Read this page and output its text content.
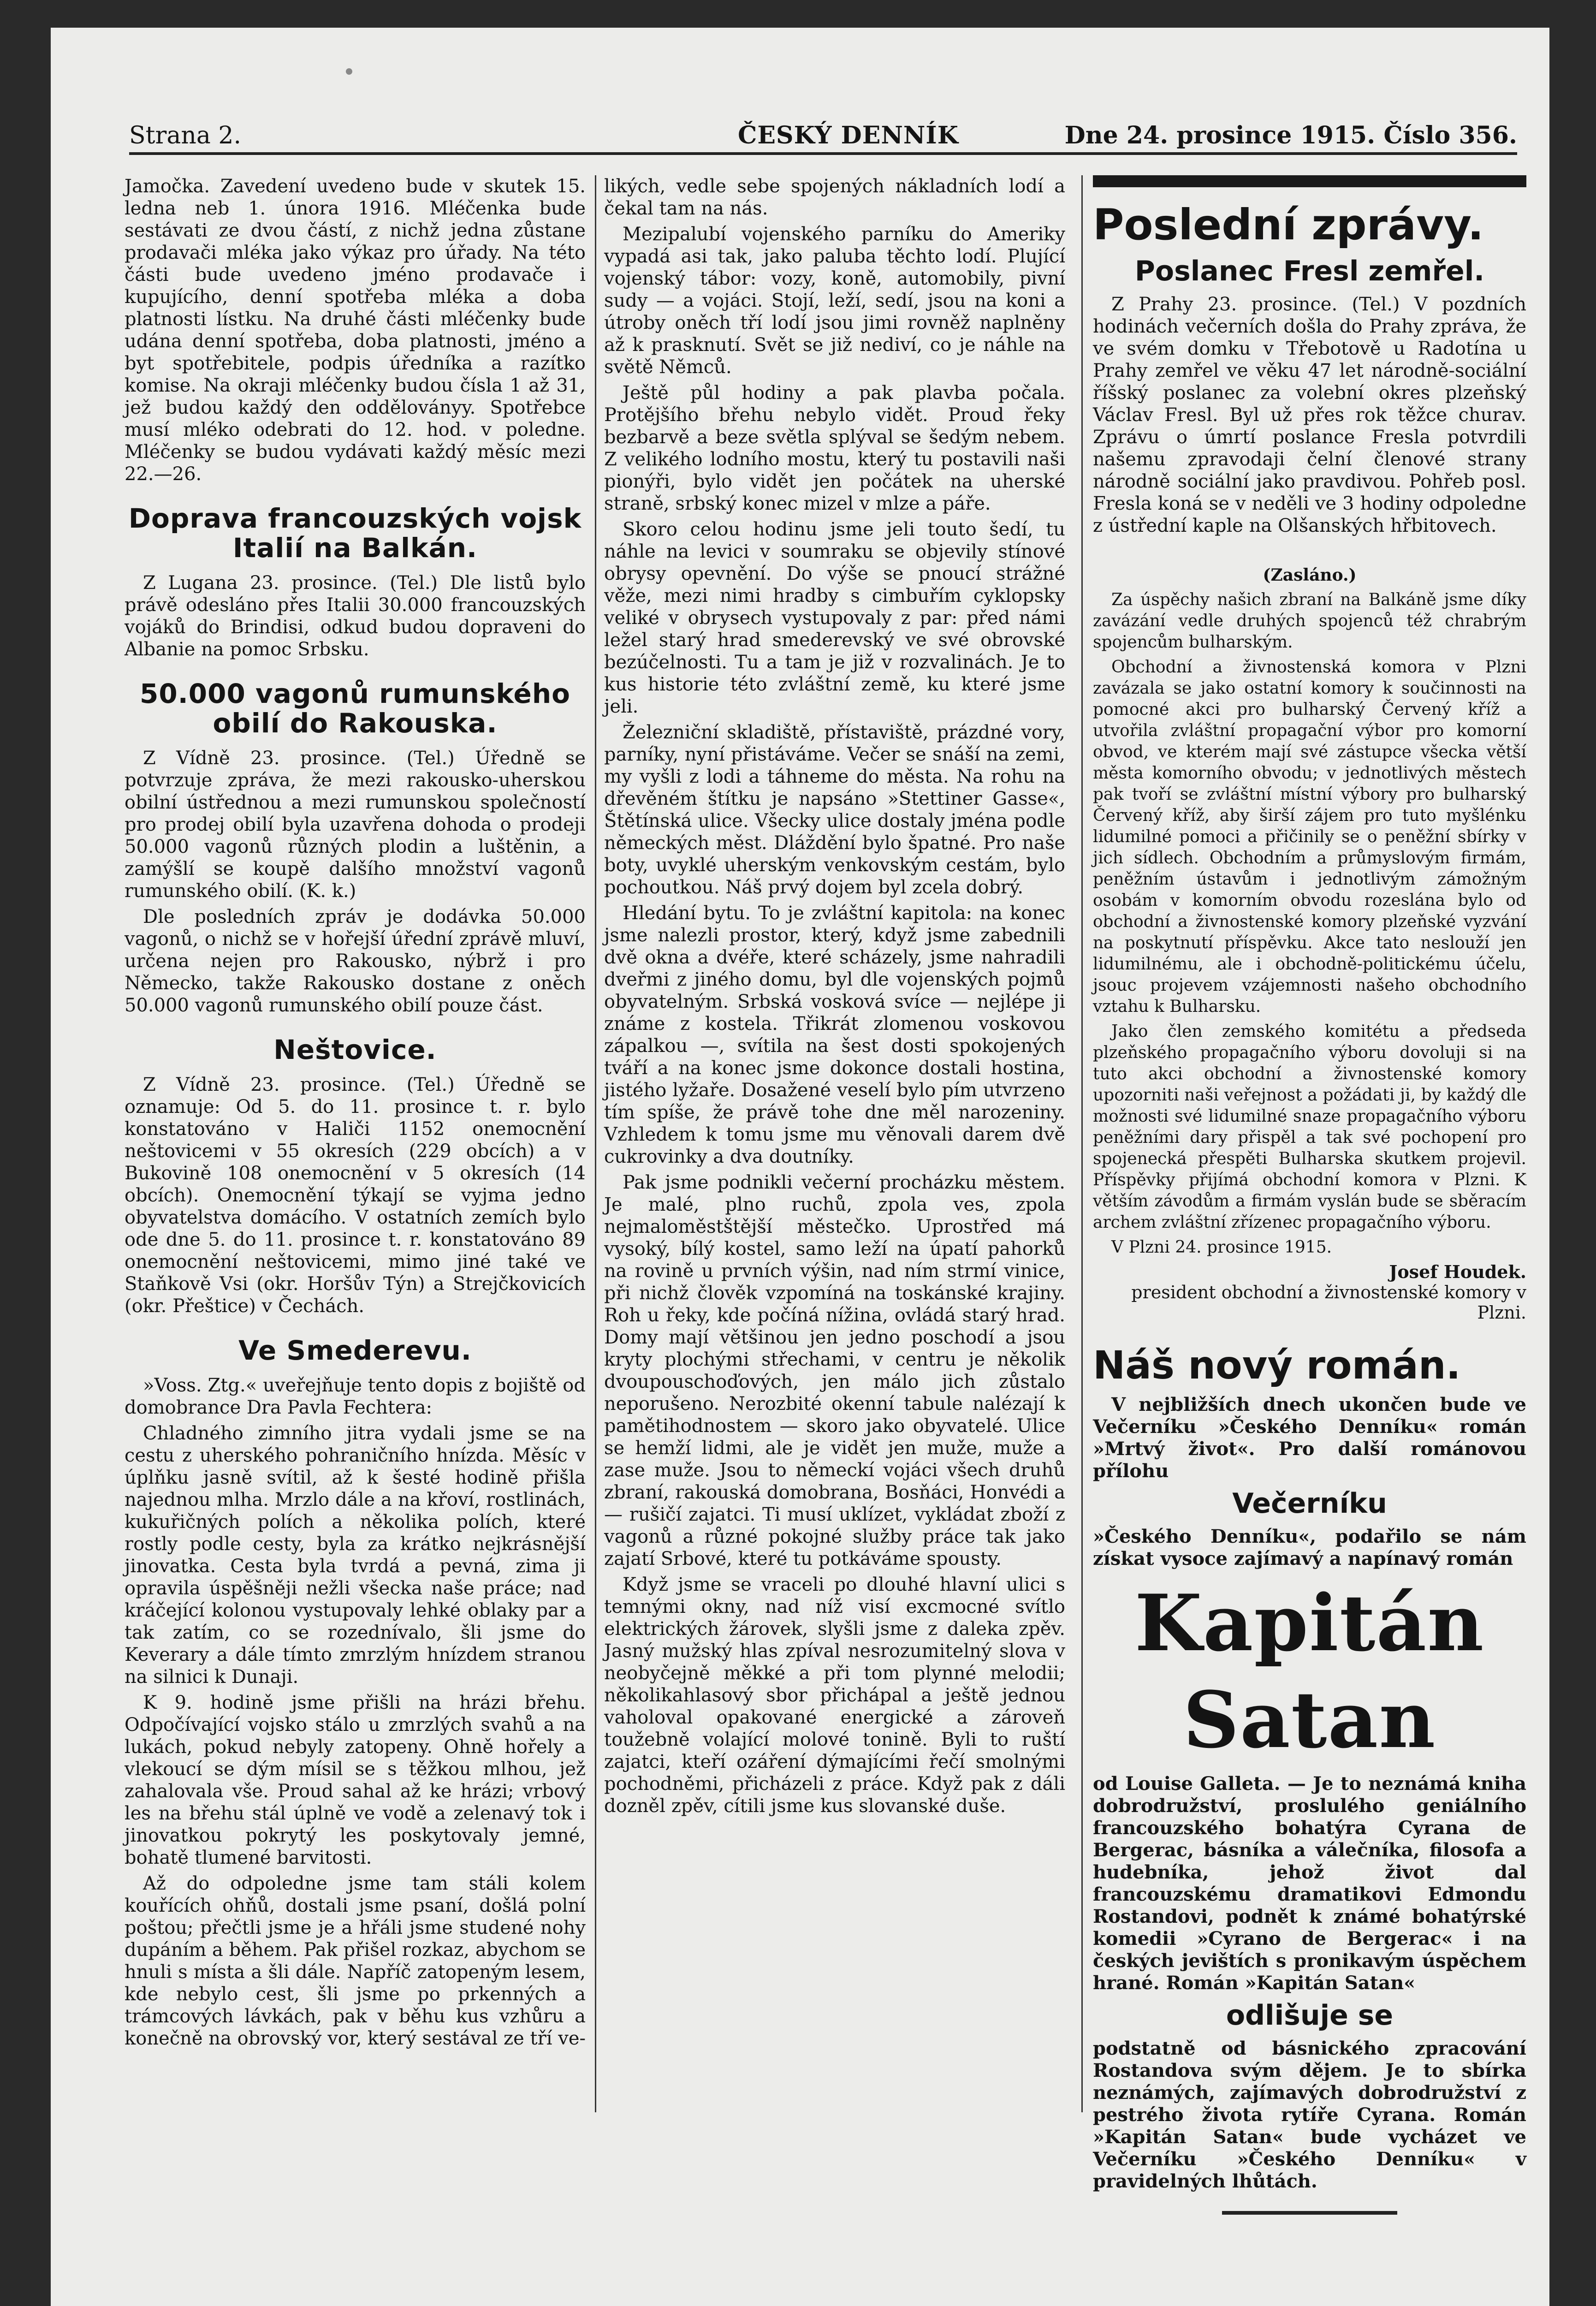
Strana 2.	ČESKÝ DENNÍK	Dne 24. prosince 1915. Číslo 356.

Jamočka. Zavedení uvedeno bude v skutek 15. ledna neb 1. února 1916. Mléčenka bude sestávati ze dvou částí, z nichž jedna zůstane prodavači mléka jako výkaz pro úřady. Na této části bude uvedeno jméno prodavače i kupujícího, denní spotřeba mléka a doba platnosti lístku. Na druhé části mléčenky bude udána denní spotřeba, doba platnosti, jméno a byt spotřebitele, podpis úředníka a razítko komise. Na okraji mléčenky budou čísla 1 až 31, jež budou každý den odděloványy. Spotřebce musí mléko odebrati do 12. hod. v poledne. Mléčenky se budou vydávati každý měsíc mezi 22.—26.

Doprava francouzských vojsk Italií na Balkán.

Z Lugana 23. prosince. (Tel.) Dle listů bylo právě odesláno přes Italii 30.000 francouzských vojáků do Brindisi, odkud budou dopraveni do Albanie na pomoc Srbsku.

50.000 vagonů rumunského obilí do Rakouska.

Z Vídně 23. prosince. (Tel.) Úředně se potvrzuje zpráva, že mezi rakousko-uherskou obilní ústřednou a mezi rumunskou společností pro prodej obilí byla uzavřena dohoda o prodeji 50.000 vagonů různých plodin a luštěnin, a zamýšlí se koupě dalšího množství vagonů rumunského obilí. (K. k.)

Dle posledních zpráv je dodávka 50.000 vagonů, o nichž se v hořejší úřední zprávě mluví, určena nejen pro Rakousko, nýbrž i pro Německo, takže Rakousko dostane z oněch 50.000 vagonů rumunského obilí pouze část.

Neštovice.

Z Vídně 23. prosince. (Tel.) Úředně se oznamuje: Od 5. do 11. prosince t. r. bylo konstatováno v Haliči 1152 onemocnění neštovicemi v 55 okresích (229 obcích) a v Bukovině 108 onemocnění v 5 okresích (14 obcích). Onemocnění týkají se vyjma jedno obyvatelstva domácího. V ostatních zemích bylo ode dne 5. do 11. prosince t. r. konstatováno 89 onemocnění neštovicemi, mimo jiné také ve Staňkově Vsi (okr. Horšův Týn) a Strejčkovicích (okr. Přeštice) v Čechách.

Ve Smederevu.

»Voss. Ztg.« uveřejňuje tento dopis z bojiště od domobrance Dra Pavla Fechtera:

Chladného zimního jitra vydali jsme se na cestu z uherského pohraničního hnízda. Měsíc v úplňku jasně svítil, až k šesté hodině přišla najednou mlha. Mrzlo dále a na křoví, rostlinách, kukuřičných polích a několika polích, které rostly podle cesty, byla za krátko nejkrásnější jinovatka. Cesta byla tvrdá a pevná, zima ji opravila úspěšněji nežli všecka naše práce; nad kráčející kolonou vystupovaly lehké oblaky par a tak zatím, co se rozednívalo, šli jsme do Keverary a dále tímto zmrzlým hnízdem stranou na silnici k Dunaji.

K 9. hodině jsme přišli na hrázi břehu. Odpočívající vojsko stálo u zmrzlých svahů a na lukách, pokud nebyly zatopeny. Ohně hořely a vlekoucí se dým mísil se s těžkou mlhou, jež zahalovala vše. Proud sahal až ke hrázi; vrbový les na břehu stál úplně ve vodě a zelenavý tok i jinovatkou pokrytý les poskytovaly jemné, bohatě tlumené barvitosti.

Až do odpoledne jsme tam stáli kolem kouřících ohňů, dostali jsme psaní, došlá polní poštou; přečtli jsme je a hřáli jsme studené nohy dupáním a během. Pak přišel rozkaz, abychom se hnuli s místa a šli dále. Napříč zatopeným lesem, kde nebylo cest, šli jsme po prkenných a trámcových lávkách, pak v běhu kus vzhůru a konečně na obrovský vor, který sestával ze tří ve-

likých, vedle sebe spojených nákladních lodí a čekal tam na nás.

Mezipalubí vojenského parníku do Ameriky vypadá asi tak, jako paluba těchto lodí. Plující vojenský tábor: vozy, koně, automobily, pivní sudy — a vojáci. Stojí, leží, sedí, jsou na koni a útroby oněch tří lodí jsou jimi rovněž naplněny až k prasknutí. Svět se již nediví, co je náhle na světě Němců.

Ještě půl hodiny a pak plavba počala. Protějšího břehu nebylo vidět. Proud řeky bezbarvě a beze světla splýval se šedým nebem. Z velikého lodního mostu, který tu postavili naši pionýři, bylo vidět jen počátek na uherské straně, srbský konec mizel v mlze a páře.

Skoro celou hodinu jsme jeli touto šedí, tu náhle na levici v soumraku se objevily stínové obrysy opevnění. Do výše se pnoucí strážné věže, mezi nimi hradby s cimbuřím cyklopsky veliké v obrysech vystupovaly z par: před námi ležel starý hrad smederevský ve své obrovské bezúčelnosti. Tu a tam je již v rozvalinách. Je to kus historie této zvláštní země, ku které jsme jeli.

Železniční skladiště, přístaviště, prázdné vory, parníky, nyní přistáváme. Večer se snáší na zemi, my vyšli z lodi a táhneme do města. Na rohu na dřevěném štítku je napsáno »Stettiner Gasse«, Štětínská ulice. Všecky ulice dostaly jména podle německých měst. Dláždění bylo špatné. Pro naše boty, uvyklé uherským venkovským cestám, bylo pochoutkou. Náš prvý dojem byl zcela dobrý.

Hledání bytu. To je zvláštní kapitola: na konec jsme nalezli prostor, který, když jsme zabednili dvě okna a dvéře, které scházely, jsme nahradili dveřmi z jiného domu, byl dle vojenských pojmů obyvatelným. Srbská vosková svíce — nejlépe ji známe z kostela. Třikrát zlomenou voskovou zápalkou —, svítila na šest dosti spokojených tváří a na konec jsme dokonce dostali hostina, jistého lyžaře. Dosažené veselí bylo pím utvrzeno tím spíše, že právě tohe dne měl narozeniny. Vzhledem k tomu jsme mu věnovali darem dvě cukrovinky a dva doutníky.

Pak jsme podnikli večerní procházku městem. Je malé, plno ruchů, zpola ves, zpola nejmaloměstštější městečko. Uprostřed má vysoký, bílý kostel, samo leží na úpatí pahorků na rovině u prvních výšin, nad ním strmí vinice, při nichž člověk vzpomíná na toskánské krajiny. Roh u řeky, kde počíná nížina, ovládá starý hrad. Domy mají většinou jen jedno poschodí a jsou kryty plochými střechami, v centru je několik dvoupouschoďových, jen málo jich zůstalo neporušeno. Nerozbité okenní tabule nalézají k pamětihodnostem — skoro jako obyvatelé. Ulice se hemží lidmi, ale je vidět jen muže, muže a zase muže. Jsou to německí vojáci všech druhů zbraní, rakouská domobrana, Bosňáci, Honvédi a — rušičí zajatci. Ti musí uklízet, vykládat zboží z vagonů a různé pokojné služby práce tak jako zajatí Srbové, které tu potkáváme spousty.

Když jsme se vraceli po dlouhé hlavní ulici s temnými okny, nad níž visí excmocné svítlo elektrických žárovek, slyšli jsme z daleka zpěv. Jasný mužský hlas zpíval nesrozumitelný slova v neobyčejně měkké a při tom plynné melodii; několikahlasový sbor přichápal a ještě jednou vaholoval opakované energické a zároveň toužebně volající molové tonině. Byli to ruští zajatci, kteří ozáření dýmajícími řečí smolnými pochodněmi, přicházeli z práce. Když pak z dáli dozněl zpěv, cítili jsme kus slovanské duše.

Poslední zprávy.
Poslanec Fresl zemřel.

Z Prahy 23. prosince. (Tel.) V pozdních hodinách večerních došla do Prahy zpráva, že ve svém domku v Třebotově u Radotína u Prahy zemřel ve věku 47 let národně-sociální říšský poslanec za volební okres plzeňský Václav Fresl. Byl už přes rok těžce churav. Zprávu o úmrtí poslance Fresla potvrdili našemu zpravodaji čelní členové strany národně sociální jako pravdivou. Pohřeb posl. Fresla koná se v neděli ve 3 hodiny odpoledne z ústřední kaple na Olšanských hřbitovech.

(Zasláno.)

Za úspěchy našich zbraní na Balkáně jsme díky zavázání vedle druhých spojenců též chrabrým spojencům bulharským.

Obchodní a živnostenská komora v Plzni zavázala se jako ostatní komory k součinnosti na pomocné akci pro bulharský Červený kříž a utvořila zvláštní propagační výbor pro komorní obvod, ve kterém mají své zástupce všecka větší města komorního obvodu; v jednotlivých městech pak tvoří se zvláštní místní výbory pro bulharský Červený kříž, aby širší zájem pro tuto myšlénku lidumilné pomoci a přičinily se o peněžní sbírky v jich sídlech. Obchodním a průmyslovým firmám, peněžním ústavům i jednotlivým zámožným osobám v komorním obvodu rozeslána bylo od obchodní a živnostenské komory plzeňské vyzvání na poskytnutí příspěvku. Akce tato neslouží jen lidumilnému, ale i obchodně-politickému účelu, jsouc projevem vzájemnosti našeho obchodního vztahu k Bulharsku.

Jako člen zemského komitétu a předseda plzeňského propagačního výboru dovoluji si na tuto akci obchodní a živnostenské komory upozorniti naši veřejnost a požádati ji, by každý dle možnosti své lidumilné snaze propagačního výboru peněžními dary přispěl a tak své pochopení pro spojenecká přespěti Bulharska skutkem projevil. Příspěvky přijímá obchodní komora v Plzni. K větším závodům a firmám vyslán bude se sběracím archem zvláštní zřízenec propagačního výboru.

V Plzni 24. prosince 1915.

Josef Houdek.
president obchodní a živnostenské komory v Plzni.
Náš nový román.

V nejbližších dnech ukončen bude ve Večerníku »Českého Denníku« román »Mrtvý život«. Pro další románovou přílohu

Večerníku

»Českého Denníku«, podařilo se nám získat vysoce zajímavý a napínavý román

Kapitán Satan

od Louise Galleta. — Je to neznámá kniha dobrodružství, proslulého geniálního francouzského bohatýra Cyrana de Bergerac, básníka a válečníka, filosofa a hudebníka, jehož život dal francouzskému dramatikovi Edmondu Rostandovi, podnět k známé bohatýrské komedii »Cyrano de Bergerac« i na českých jevištích s pronikavým úspěchem hrané. Román »Kapitán Satan«

odlišuje se

podstatně od básnického zpracování Rostandova svým dějem. Je to sbírka neznámých, zajímavých dobrodružství z pestrého života rytíře Cyrana. Román »Kapitán Satan« bude vycházet ve Večerníku »Českého Denníku« v pravidelných lhůtách.
